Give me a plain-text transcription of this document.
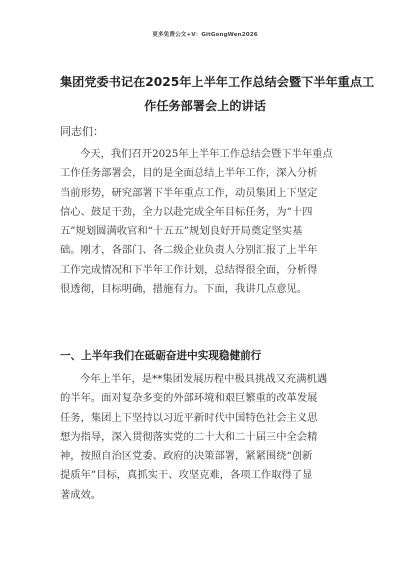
更多免费公文+V：GitGongWen2026
集团党委书记在2025年上半年工作总结会暨下半年重点工
作任务部署会上的讲话
同志们：
今天，我们召开2025年上半年工作总结会暨下半年重点
工作任务部署会，目的是全面总结上半年工作，深入分析
当前形势，研究部署下半年重点工作，动员集团上下坚定
信心、鼓足干劲，全力以赴完成全年目标任务，为“十四
五”规划圆满收官和“十五五”规划良好开局奠定坚实基
础。刚才，各部门、各二级企业负责人分别汇报了上半年
工作完成情况和下半年工作计划，总结得很全面，分析得
很透彻，目标明确，措施有力。下面，我讲几点意见。
一、上半年我们在砥砺奋进中实现稳健前行
今年上半年，是**集团发展历程中极具挑战又充满机遇
的半年。面对复杂多变的外部环境和艰巨繁重的改革发展
任务，集团上下坚持以习近平新时代中国特色社会主义思
想为指导，深入贯彻落实党的二十大和二十届三中全会精
神，按照自治区党委、政府的决策部署，紧紧围绕“创新
提质年”目标，真抓实干、攻坚克难，各项工作取得了显
著成效。
